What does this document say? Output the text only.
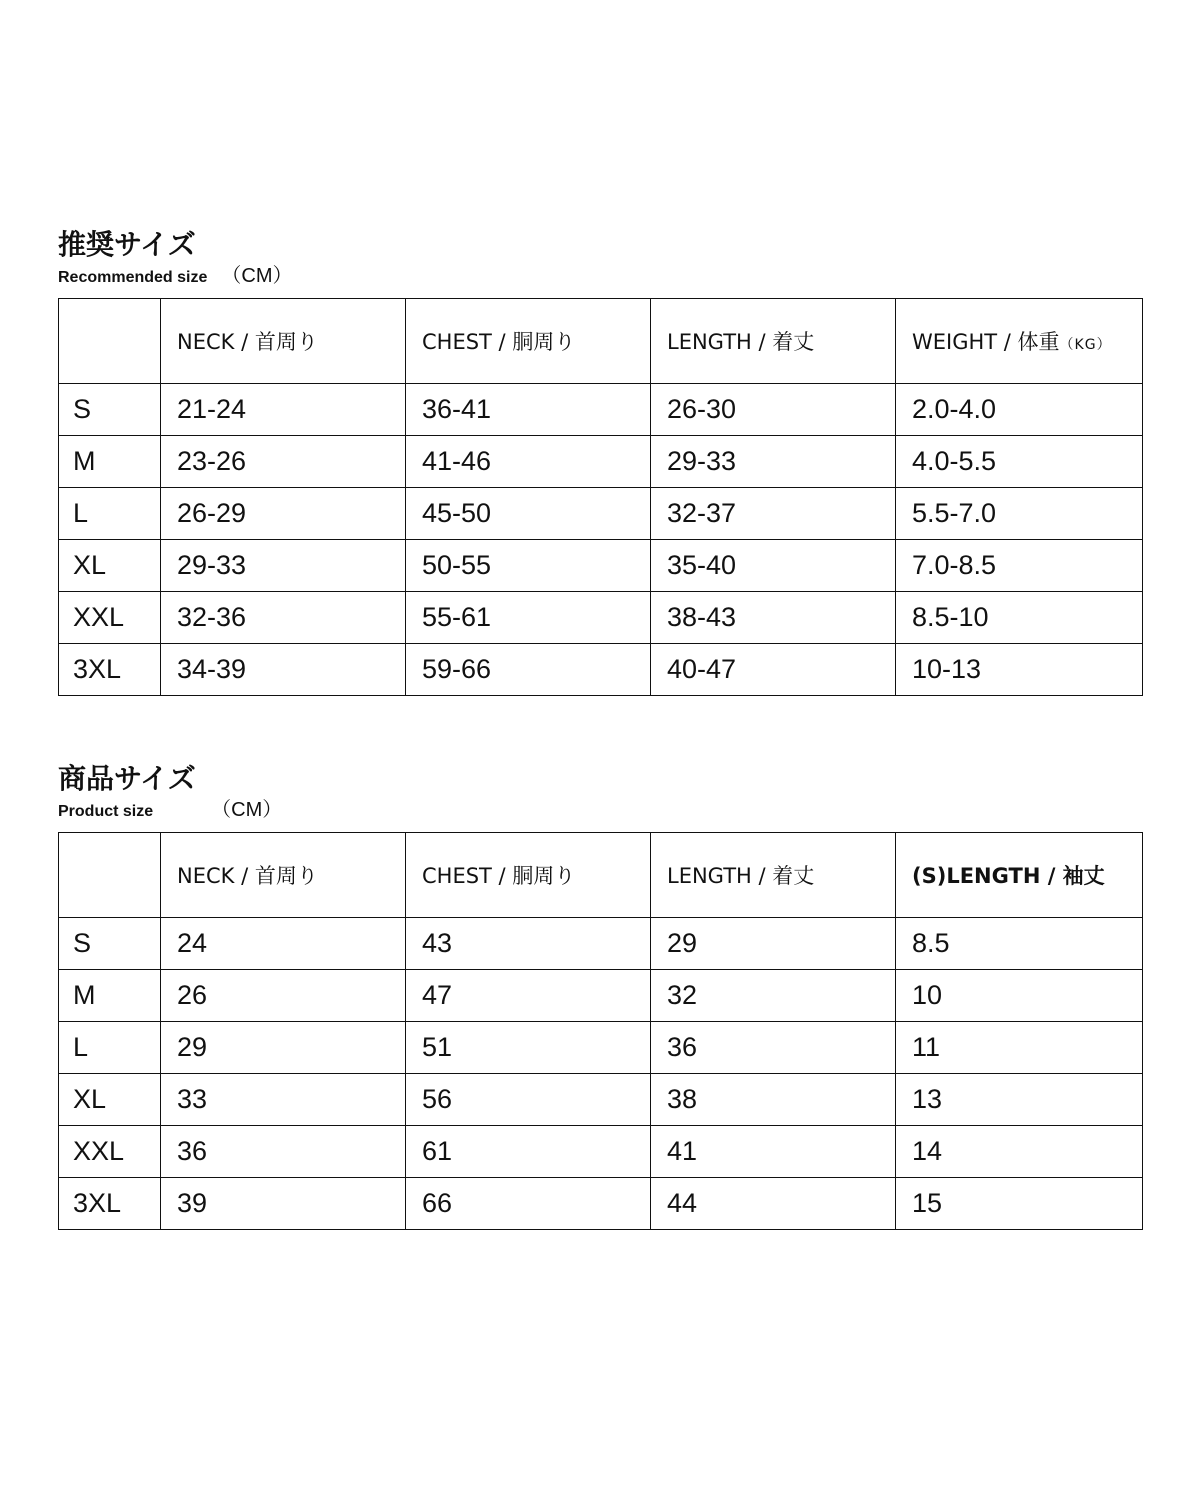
推奨サイズ
Recommended size （CM）
	NECK / 首周り	CHEST / 胴周り	LENGTH / 着丈	WEIGHT / 体重（KG）
S	21-24	36-41	26-30	2.0-4.0
M	23-26	41-46	29-33	4.0-5.5
L	26-29	45-50	32-37	5.5-7.0
XL	29-33	50-55	35-40	7.0-8.5
XXL	32-36	55-61	38-43	8.5-10
3XL	34-39	59-66	40-47	10-13
商品サイズ
Product size	（CM）
	NECK / 首周り	CHEST / 胴周り	LENGTH / 着丈	(S)LENGTH / 袖丈
S	24	43	29	8.5
M	26	47	32	10
L	29	51	36	11
XL	33	56	38	13
XXL	36	61	41	14
3XL	39	66	44	15
